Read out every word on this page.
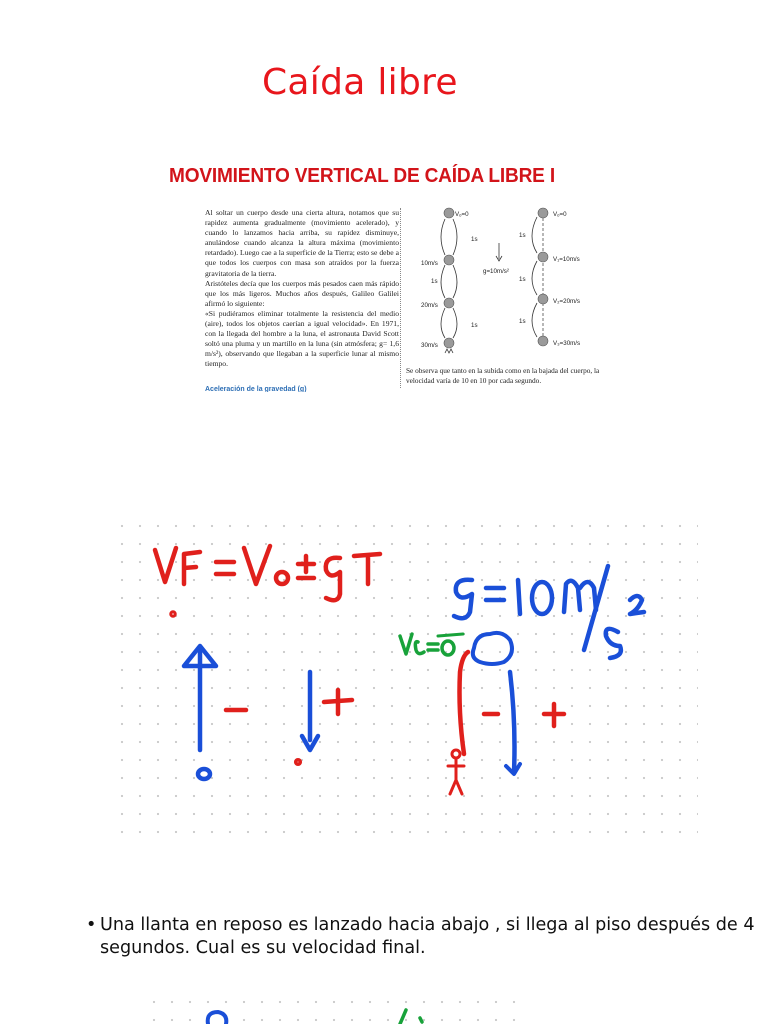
Caída libre
MOVIMIENTO VERTICAL DE CAÍDA LIBRE I

Al soltar un cuerpo desde una cierta altura, notamos que su rapidez aumenta gradualmente (movimiento acelerado), y cuando lo lanzamos hacia arriba, su rapidez disminuye, anulándose cuando alcanza la altura máxima (movimiento retardado). Luego cae a la superficie de la Tierra; esto se debe a que todos los cuerpos con masa son atraídos por la fuerza gravitatoria de la tierra.

Aristóteles decía que los cuerpos más pesados caen más rápido que los más ligeros. Muchos años después, Galileo Galilei afirmó lo siguiente:

«Si pudiéramos eliminar totalmente la resistencia del medio (aire), todos los objetos caerían a igual velocidad». En 1971, con la llegada del hombre a la luna, el astronauta David Scott soltó una pluma y un martillo en la luna (sin atmósfera; g= 1,6 m/s²), observando que llegaban a la superficie lunar al mismo tiempo.

Aceleración de la gravedad (g)
Vₒ=0
10m/s
20m/s
30m/s
1s
1s
1s
g=10m/s²
Vₒ=0
V₁=10m/s
V₂=20m/s
V₃=30m/s
1s
1s
1s
Se observa que tanto en la subida como en la bajada del cuerpo, la velocidad varía de 10 en 10 por cada segundo.
• Una llanta en reposo es lanzado hacia abajo , si llega al piso después de 4 segundos. Cual es su velocidad final.
